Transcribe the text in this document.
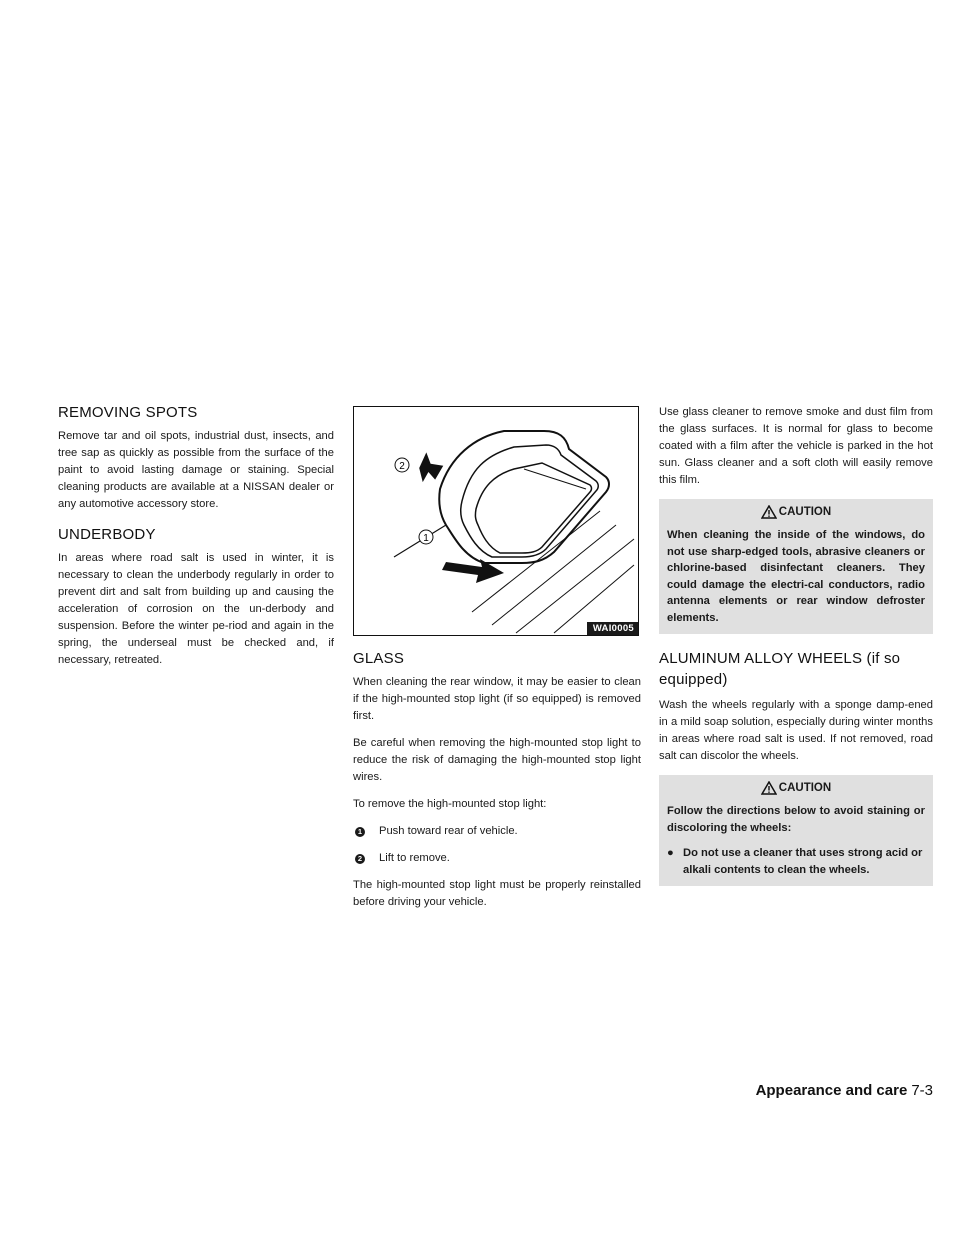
REMOVING SPOTS

Remove tar and oil spots, industrial dust, insects, and tree sap as quickly as possible from the surface of the paint to avoid lasting damage or staining. Special cleaning products are available at a NISSAN dealer or any automotive accessory store.

UNDERBODY

In areas where road salt is used in winter, it is necessary to clean the underbody regularly in order to prevent dirt and salt from building up and causing the acceleration of corrosion on the un-derbody and suspension. Before the winter pe-riod and again in the spring, the underseal must be checked and, if necessary, retreated.

2
1
WAI0005
GLASS

When cleaning the rear window, it may be easier to clean if the high-mounted stop light (if so equipped) is removed first.

Be careful when removing the high-mounted stop light to reduce the risk of damaging the high-mounted stop light wires.

To remove the high-mounted stop light:

1 Push toward rear of vehicle.
2 Lift to remove.

The high-mounted stop light must be properly reinstalled before driving your vehicle.

Use glass cleaner to remove smoke and dust film from the glass surfaces. It is normal for glass to become coated with a film after the vehicle is parked in the hot sun. Glass cleaner and a soft cloth will easily remove this film.

CAUTION

When cleaning the inside of the windows, do not use sharp-edged tools, abrasive cleaners or chlorine-based disinfectant cleaners. They could damage the electri-cal conductors, radio antenna elements or rear window defroster elements.

ALUMINUM ALLOY WHEELS (if so equipped)

Wash the wheels regularly with a sponge damp-ened in a mild soap solution, especially during winter months in areas where road salt is used. If not removed, road salt can discolor the wheels.

CAUTION

Follow the directions below to avoid staining or discoloring the wheels:

● Do not use a cleaner that uses strong acid or alkali contents to clean the wheels.
Appearance and care 7-3
